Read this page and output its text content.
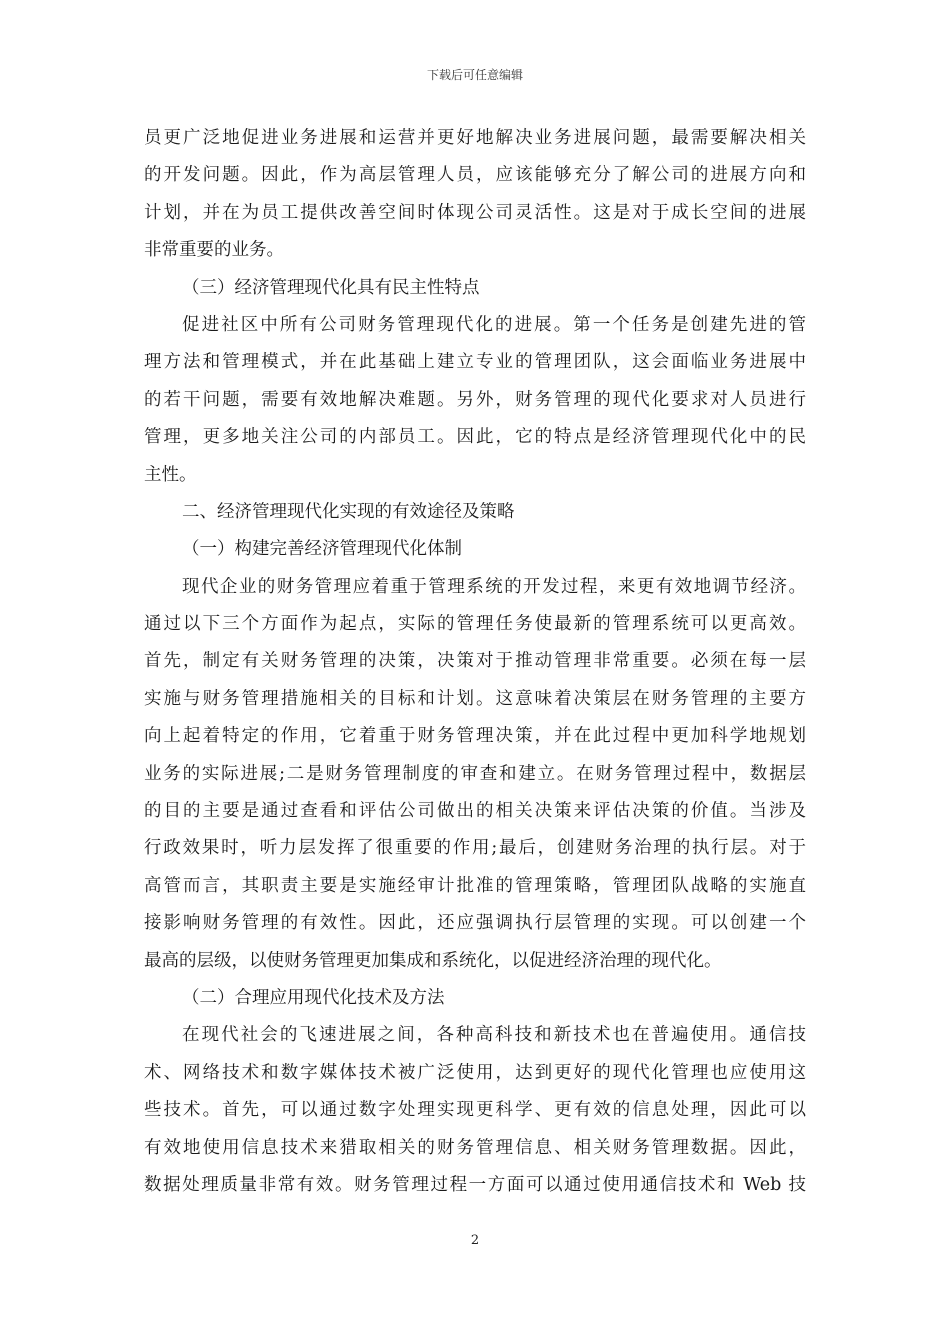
下载后可任意编辑
员更广泛地促进业务进展和运营并更好地解决业务进展问题，最需要解决相关
的开发问题。因此，作为高层管理人员，应该能够充分了解公司的进展方向和
计划，并在为员工提供改善空间时体现公司灵活性。这是对于成长空间的进展
非常重要的业务。
（三）经济管理现代化具有民主性特点
促进社区中所有公司财务管理现代化的进展。第一个任务是创建先进的管
理方法和管理模式，并在此基础上建立专业的管理团队，这会面临业务进展中
的若干问题，需要有效地解决难题。另外，财务管理的现代化要求对人员进行
管理，更多地关注公司的内部员工。因此，它的特点是经济管理现代化中的民
主性。
二、经济管理现代化实现的有效途径及策略
（一）构建完善经济管理现代化体制
现代企业的财务管理应着重于管理系统的开发过程，来更有效地调节经济。
通过以下三个方面作为起点，实际的管理任务使最新的管理系统可以更高效。
首先，制定有关财务管理的决策，决策对于推动管理非常重要。必须在每一层
实施与财务管理措施相关的目标和计划。这意味着决策层在财务管理的主要方
向上起着特定的作用，它着重于财务管理决策，并在此过程中更加科学地规划
业务的实际进展;二是财务管理制度的审查和建立。在财务管理过程中，数据层
的目的主要是通过查看和评估公司做出的相关决策来评估决策的价值。当涉及
行政效果时，听力层发挥了很重要的作用;最后，创建财务治理的执行层。对于
高管而言，其职责主要是实施经审计批准的管理策略，管理团队战略的实施直
接影响财务管理的有效性。因此，还应强调执行层管理的实现。可以创建一个
最高的层级，以使财务管理更加集成和系统化，以促进经济治理的现代化。
（二）合理应用现代化技术及方法
在现代社会的飞速进展之间，各种高科技和新技术也在普遍使用。通信技
术、网络技术和数字媒体技术被广泛使用，达到更好的现代化管理也应使用这
些技术。首先，可以通过数字处理实现更科学、更有效的信息处理，因此可以
有效地使用信息技术来猎取相关的财务管理信息、相关财务管理数据。因此，
数据处理质量非常有效。财务管理过程一方面可以通过使用通信技术和 Web 技
2
